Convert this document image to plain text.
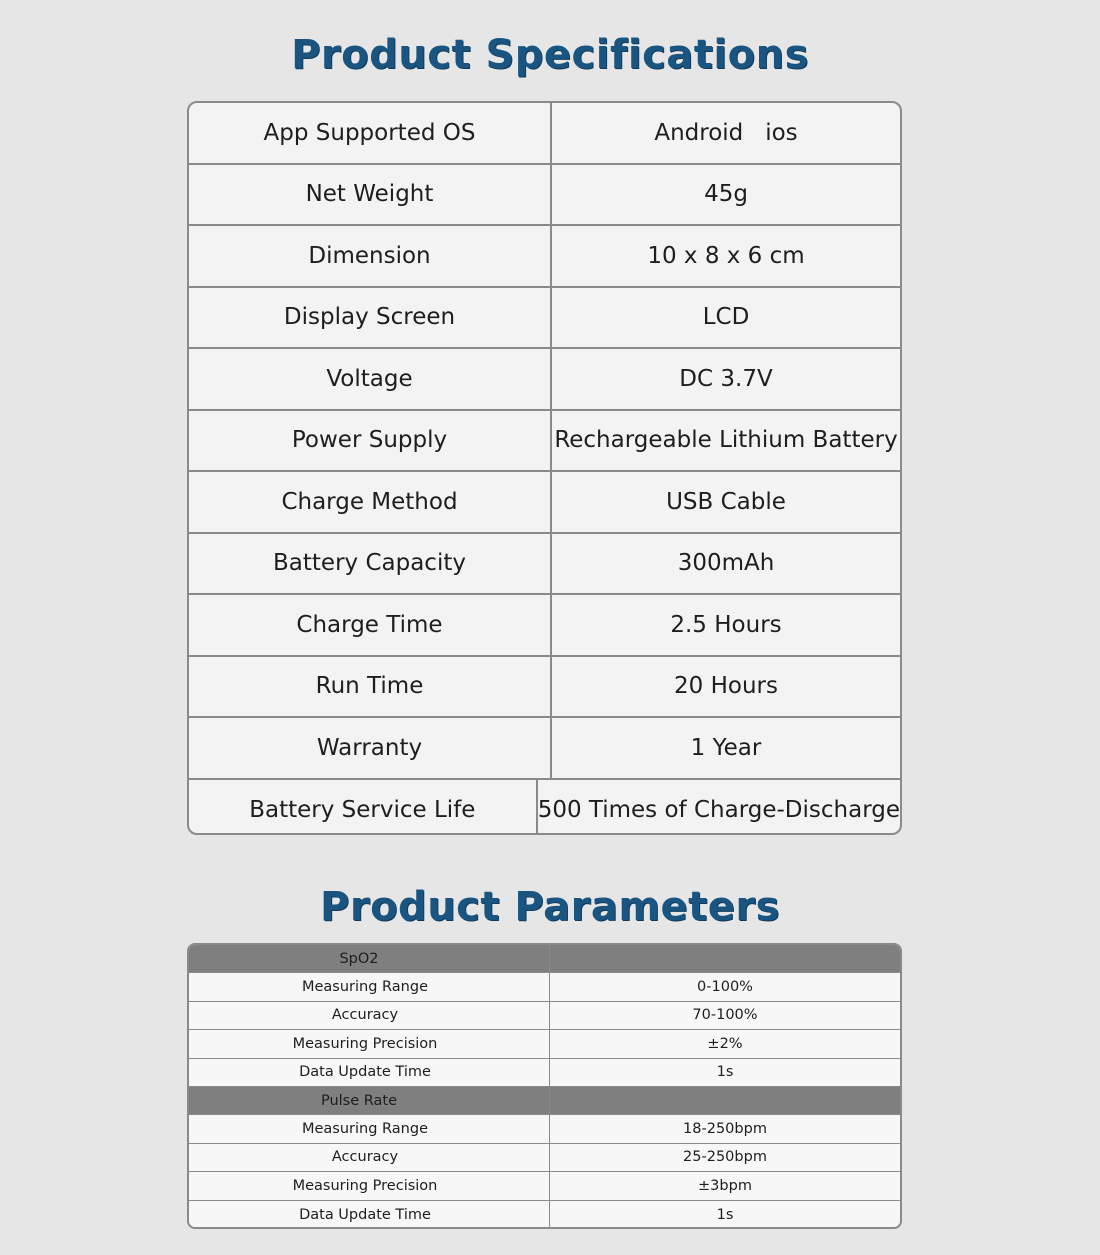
Product Specifications
App Supported OS	Android   ios
Net Weight	45g
Dimension	10 x 8 x 6 cm
Display Screen	LCD
Voltage	DC 3.7V
Power Supply	Rechargeable Lithium Battery
Charge Method	USB Cable
Battery Capacity	300mAh
Charge Time	2.5 Hours
Run Time	20 Hours
Warranty	1 Year
Battery Service Life	500 Times of Charge-Discharge
Product Parameters
SpO2
Measuring Range	0-100%
Accuracy	70-100%
Measuring Precision	±2%
Data Update Time	1s
Pulse Rate
Measuring Range	18-250bpm
Accuracy	25-250bpm
Measuring Precision	±3bpm
Data Update Time	1s
